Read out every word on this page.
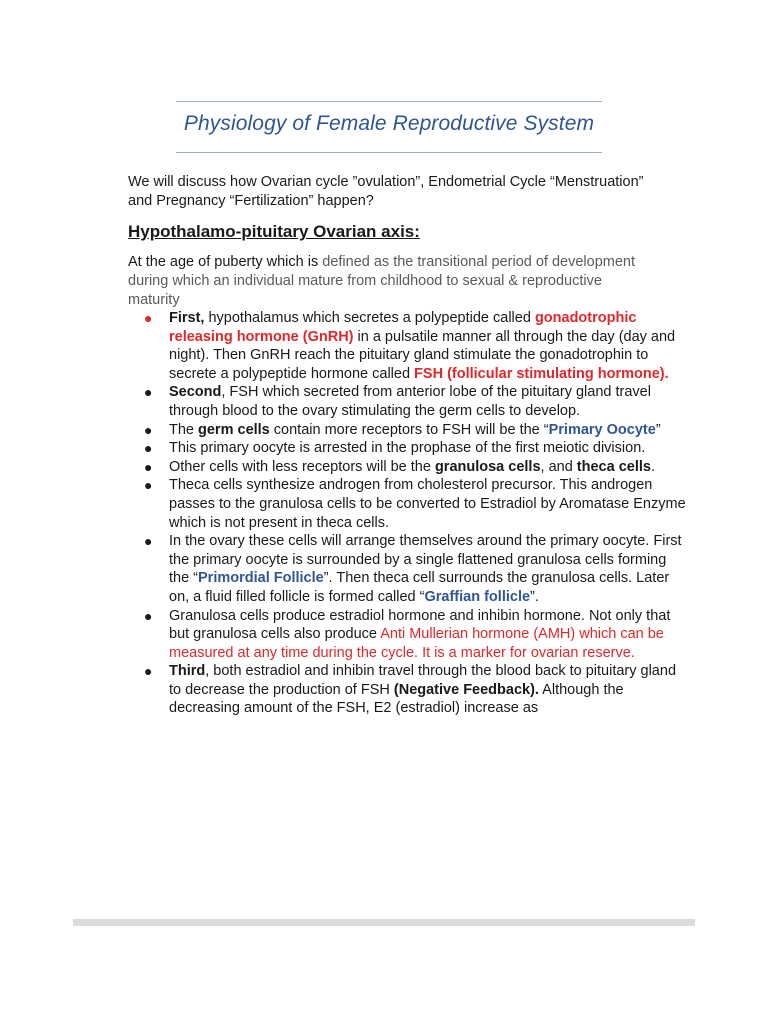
Physiology of Female Reproductive System
We will discuss how Ovarian cycle ”ovulation”, Endometrial Cycle “Menstruation” and Pregnancy “Fertilization” happen?
Hypothalamo-pituitary Ovarian axis:
At the age of puberty which is defined as the transitional period of development during which an individual mature from childhood to sexual & reproductive maturity
● First, hypothalamus which secretes a polypeptide called gonadotrophic releasing hormone (GnRH) in a pulsatile manner all through the day (day and night). Then GnRH reach the pituitary gland stimulate the gonadotrophin to secrete a polypeptide hormone called FSH (follicular stimulating hormone).
● Second, FSH which secreted from anterior lobe of the pituitary gland travel through blood to the ovary stimulating the germ cells to develop.
● The germ cells contain more receptors to FSH will be the “Primary Oocyte”
● This primary oocyte is arrested in the prophase of the first meiotic division.
● Other cells with less receptors will be the granulosa cells, and theca cells.
● Theca cells synthesize androgen from cholesterol precursor. This androgen passes to the granulosa cells to be converted to Estradiol by Aromatase Enzyme which is not present in theca cells.
● In the ovary these cells will arrange themselves around the primary oocyte. First the primary oocyte is surrounded by a single flattened granulosa cells forming the “Primordial Follicle”. Then theca cell surrounds the granulosa cells. Later on, a fluid filled follicle is formed called “Graffian follicle”.
● Granulosa cells produce estradiol hormone and inhibin hormone. Not only that but granulosa cells also produce Anti Mullerian hormone (AMH) which can be measured at any time during the cycle. It is a marker for ovarian reserve.
● Third, both estradiol and inhibin travel through the blood back to pituitary gland to decrease the production of FSH (Negative Feedback). Although the decreasing amount of the FSH, E2 (estradiol) increase as
